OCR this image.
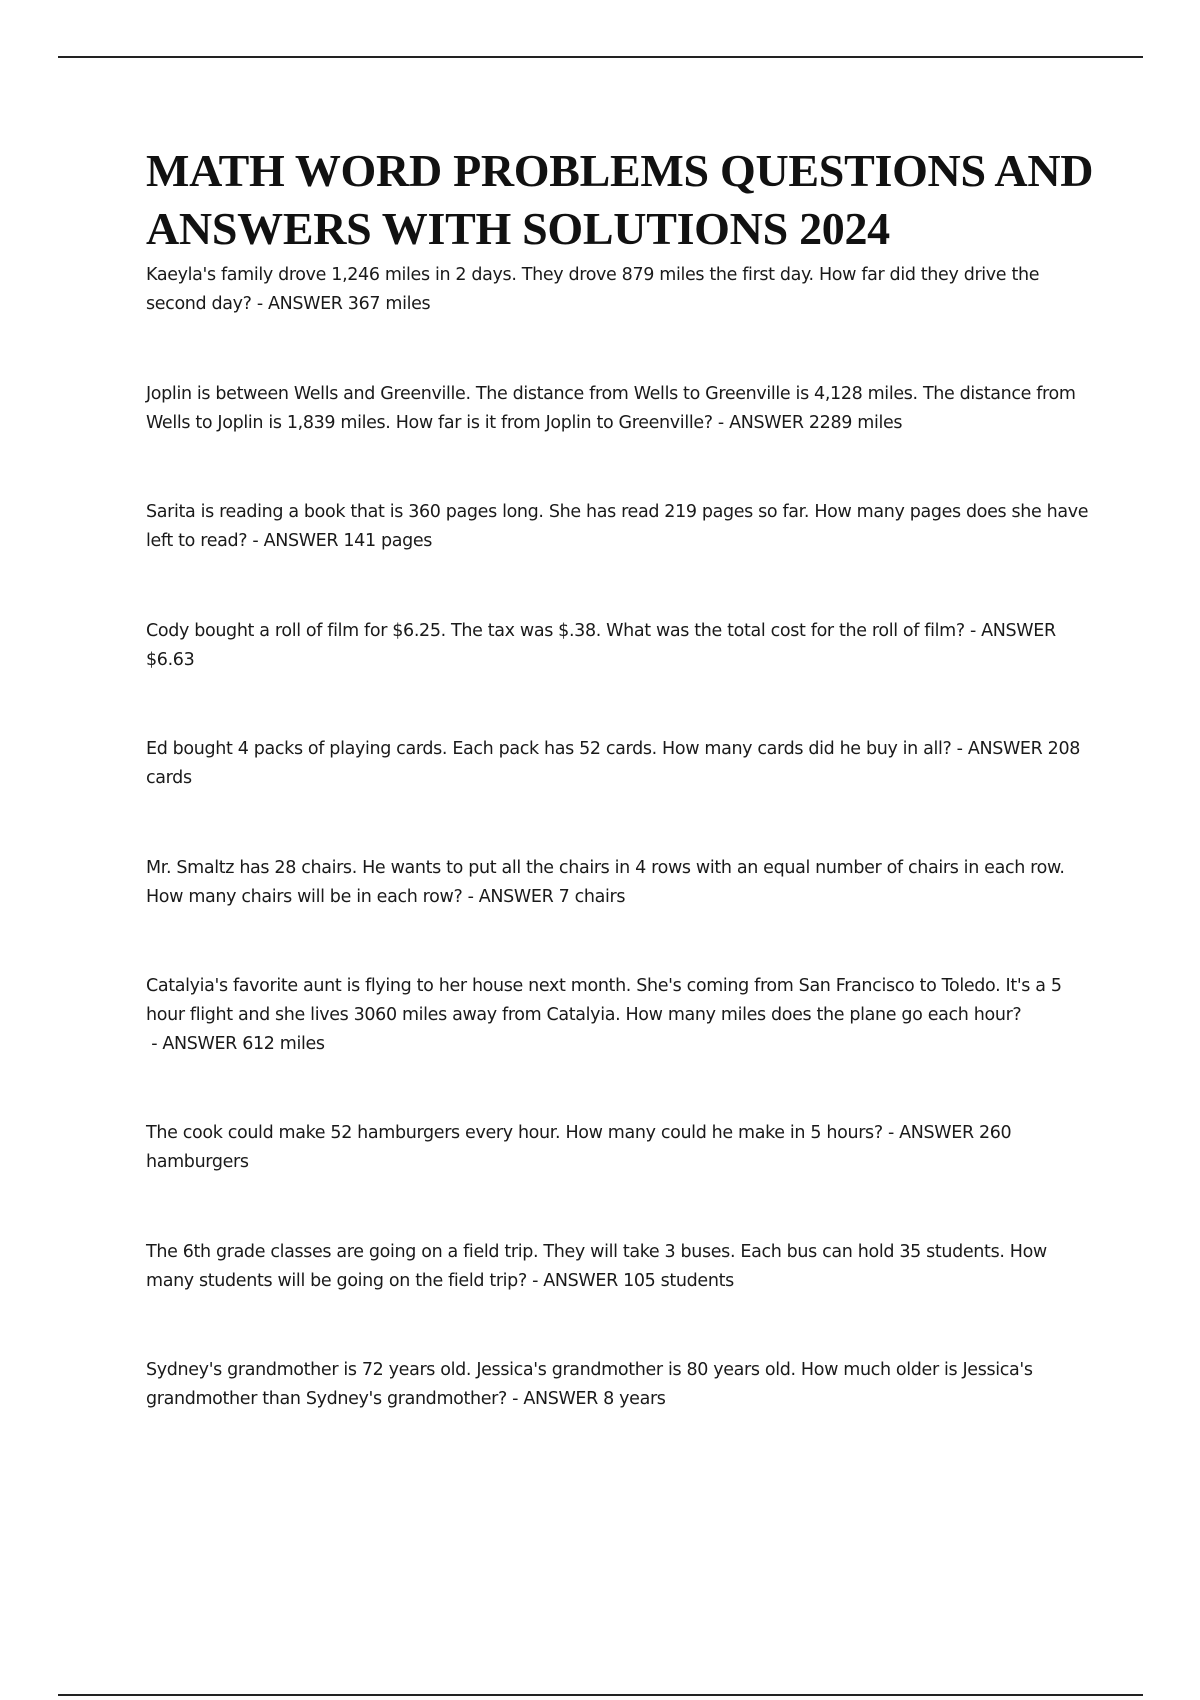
MATH WORD PROBLEMS QUESTIONS AND ANSWERS WITH SOLUTIONS 2024
Kaeyla's family drove 1,246 miles in 2 days. They drove 879 miles the first day. How far did they drive the second day? - ANSWER 367 miles
Joplin is between Wells and Greenville. The distance from Wells to Greenville is 4,128 miles. The distance from Wells to Joplin is 1,839 miles. How far is it from Joplin to Greenville? - ANSWER 2289 miles
Sarita is reading a book that is 360 pages long. She has read 219 pages so far. How many pages does she have left to read? - ANSWER 141 pages
Cody bought a roll of film for $6.25. The tax was $.38. What was the total cost for the roll of film? - ANSWER $6.63
Ed bought 4 packs of playing cards. Each pack has 52 cards. How many cards did he buy in all? - ANSWER 208 cards
Mr. Smaltz has 28 chairs. He wants to put all the chairs in 4 rows with an equal number of chairs in each row. How many chairs will be in each row? - ANSWER 7 chairs
Catalyia's favorite aunt is flying to her house next month. She's coming from San Francisco to Toledo. It's a 5 hour flight and she lives 3060 miles away from Catalyia. How many miles does the plane go each hour? - ANSWER 612 miles
The cook could make 52 hamburgers every hour. How many could he make in 5 hours? - ANSWER 260 hamburgers
The 6th grade classes are going on a field trip. They will take 3 buses. Each bus can hold 35 students. How many students will be going on the field trip? - ANSWER 105 students
Sydney's grandmother is 72 years old. Jessica's grandmother is 80 years old. How much older is Jessica's grandmother than Sydney's grandmother? - ANSWER 8 years
